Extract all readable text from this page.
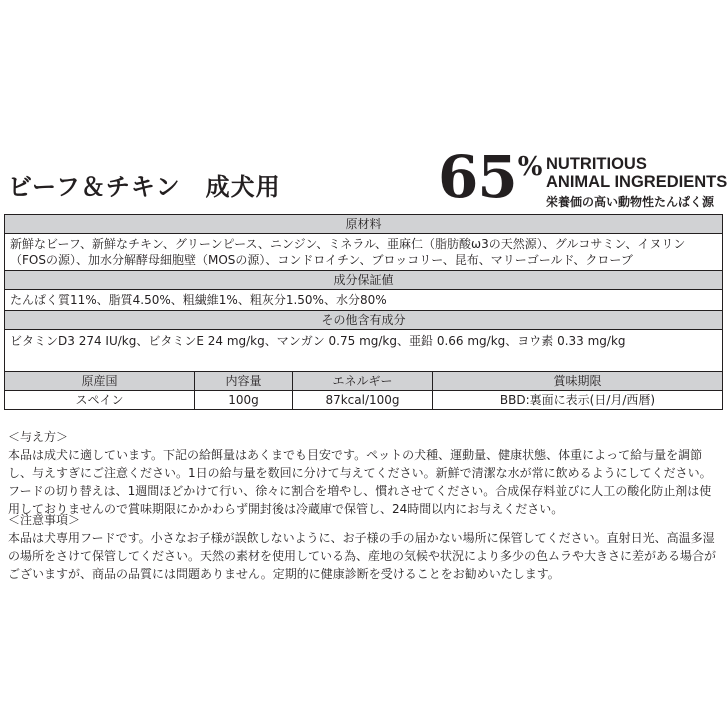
ビーフ＆チキン　成犬用	65% NUTRITIOUS
ANIMAL INGREDIENTS
栄養価の高い動物性たんぱく源
原材料			
新鮮なビーフ、新鮮なチキン、グリーンピース、ニンジン、ミネラル、亜麻仁（脂肪酸ω3の天然源）、グルコサミン、イヌリン（FOSの源）、加水分解酵母細胞壁（MOSの源）、コンドロイチン、ブロッコリー、昆布、マリーゴールド、クローブ			
成分保証値			
たんぱく質11%、脂質4.50%、粗繊維1%、粗灰分1.50%、水分80%			
その他含有成分			
ビタミンD3 274 IU/kg、ビタミンE 24 mg/kg、マンガン 0.75 mg/kg、亜鉛 0.66 mg/kg、ヨウ素 0.33 mg/kg			
原産国	内容量	エネルギー	賞味期限
スペイン	100g	87kcal/100g	BBD:裏面に表示(日/月/西暦)

＜与え方＞

本品は成犬に適しています。下記の給餌量はあくまでも目安です。ペットの犬種、運動量、健康状態、体重によって給与量を調節し、与えすぎにご注意ください。1日の給与量を数回に分けて与えてください。新鮮で清潔な水が常に飲めるようにしてください。フードの切り替えは、1週間ほどかけて行い、徐々に割合を増やし、慣れさせてください。合成保存料並びに人工の酸化防止剤は使用しておりませんので賞味期限にかかわらず開封後は冷蔵庫で保管し、24時間以内にお与えください。

＜注意事項＞

本品は犬専用フードです。小さなお子様が誤飲しないように、お子様の手の届かない場所に保管してください。直射日光、高温多湿の場所をさけて保管してください。天然の素材を使用している為、産地の気候や状況により多少の色ムラや大きさに差がある場合がございますが、商品の品質には問題ありません。定期的に健康診断を受けることをお勧めいたします。
